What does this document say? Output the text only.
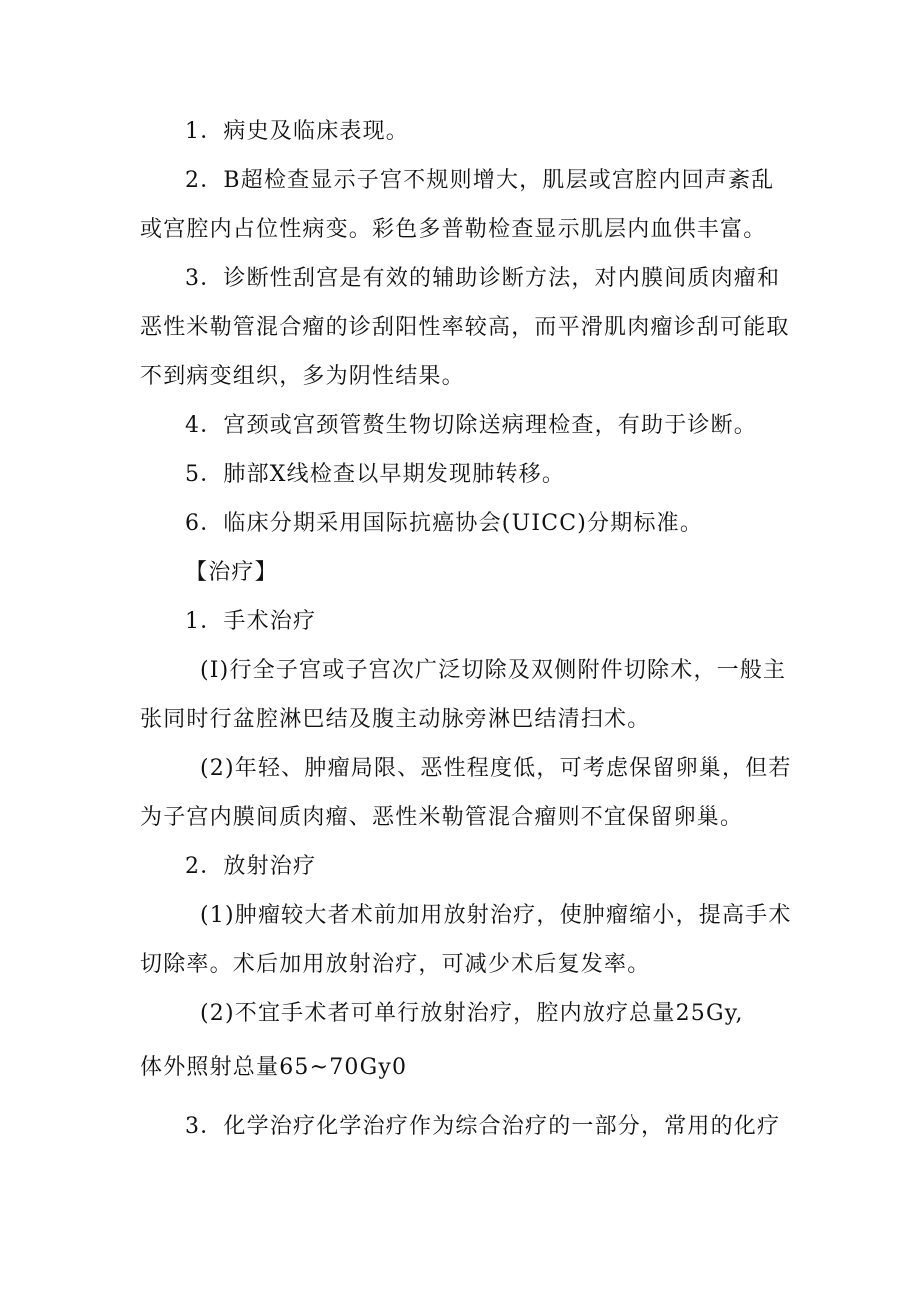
1．病史及临床表现。
2．B超检查显示子宫不规则增大，肌层或宫腔内回声紊乱
或宫腔内占位性病变。彩色多普勒检查显示肌层内血供丰富。
3．诊断性刮宫是有效的辅助诊断方法，对内膜间质肉瘤和
恶性米勒管混合瘤的诊刮阳性率较高，而平滑肌肉瘤诊刮可能取
不到病变组织，多为阴性结果。
4．宫颈或宫颈管赘生物切除送病理检查，有助于诊断。
5．肺部X线检查以早期发现肺转移。
6．临床分期采用国际抗癌协会(UICC)分期标准。
【治疗】
1．手术治疗
(I)行全子宫或子宫次广泛切除及双侧附件切除术，一般主
张同时行盆腔淋巴结及腹主动脉旁淋巴结清扫术。
(2)年轻、肿瘤局限、恶性程度低，可考虑保留卵巢，但若
为子宫内膜间质肉瘤、恶性米勒管混合瘤则不宜保留卵巢。
2．放射治疗
(1)肿瘤较大者术前加用放射治疗，使肿瘤缩小，提高手术
切除率。术后加用放射治疗，可减少术后复发率。
(2)不宜手术者可单行放射治疗，腔内放疗总量25Gy,
体外照射总量65~70Gy0
3．化学治疗化学治疗作为综合治疗的一部分，常用的化疗
